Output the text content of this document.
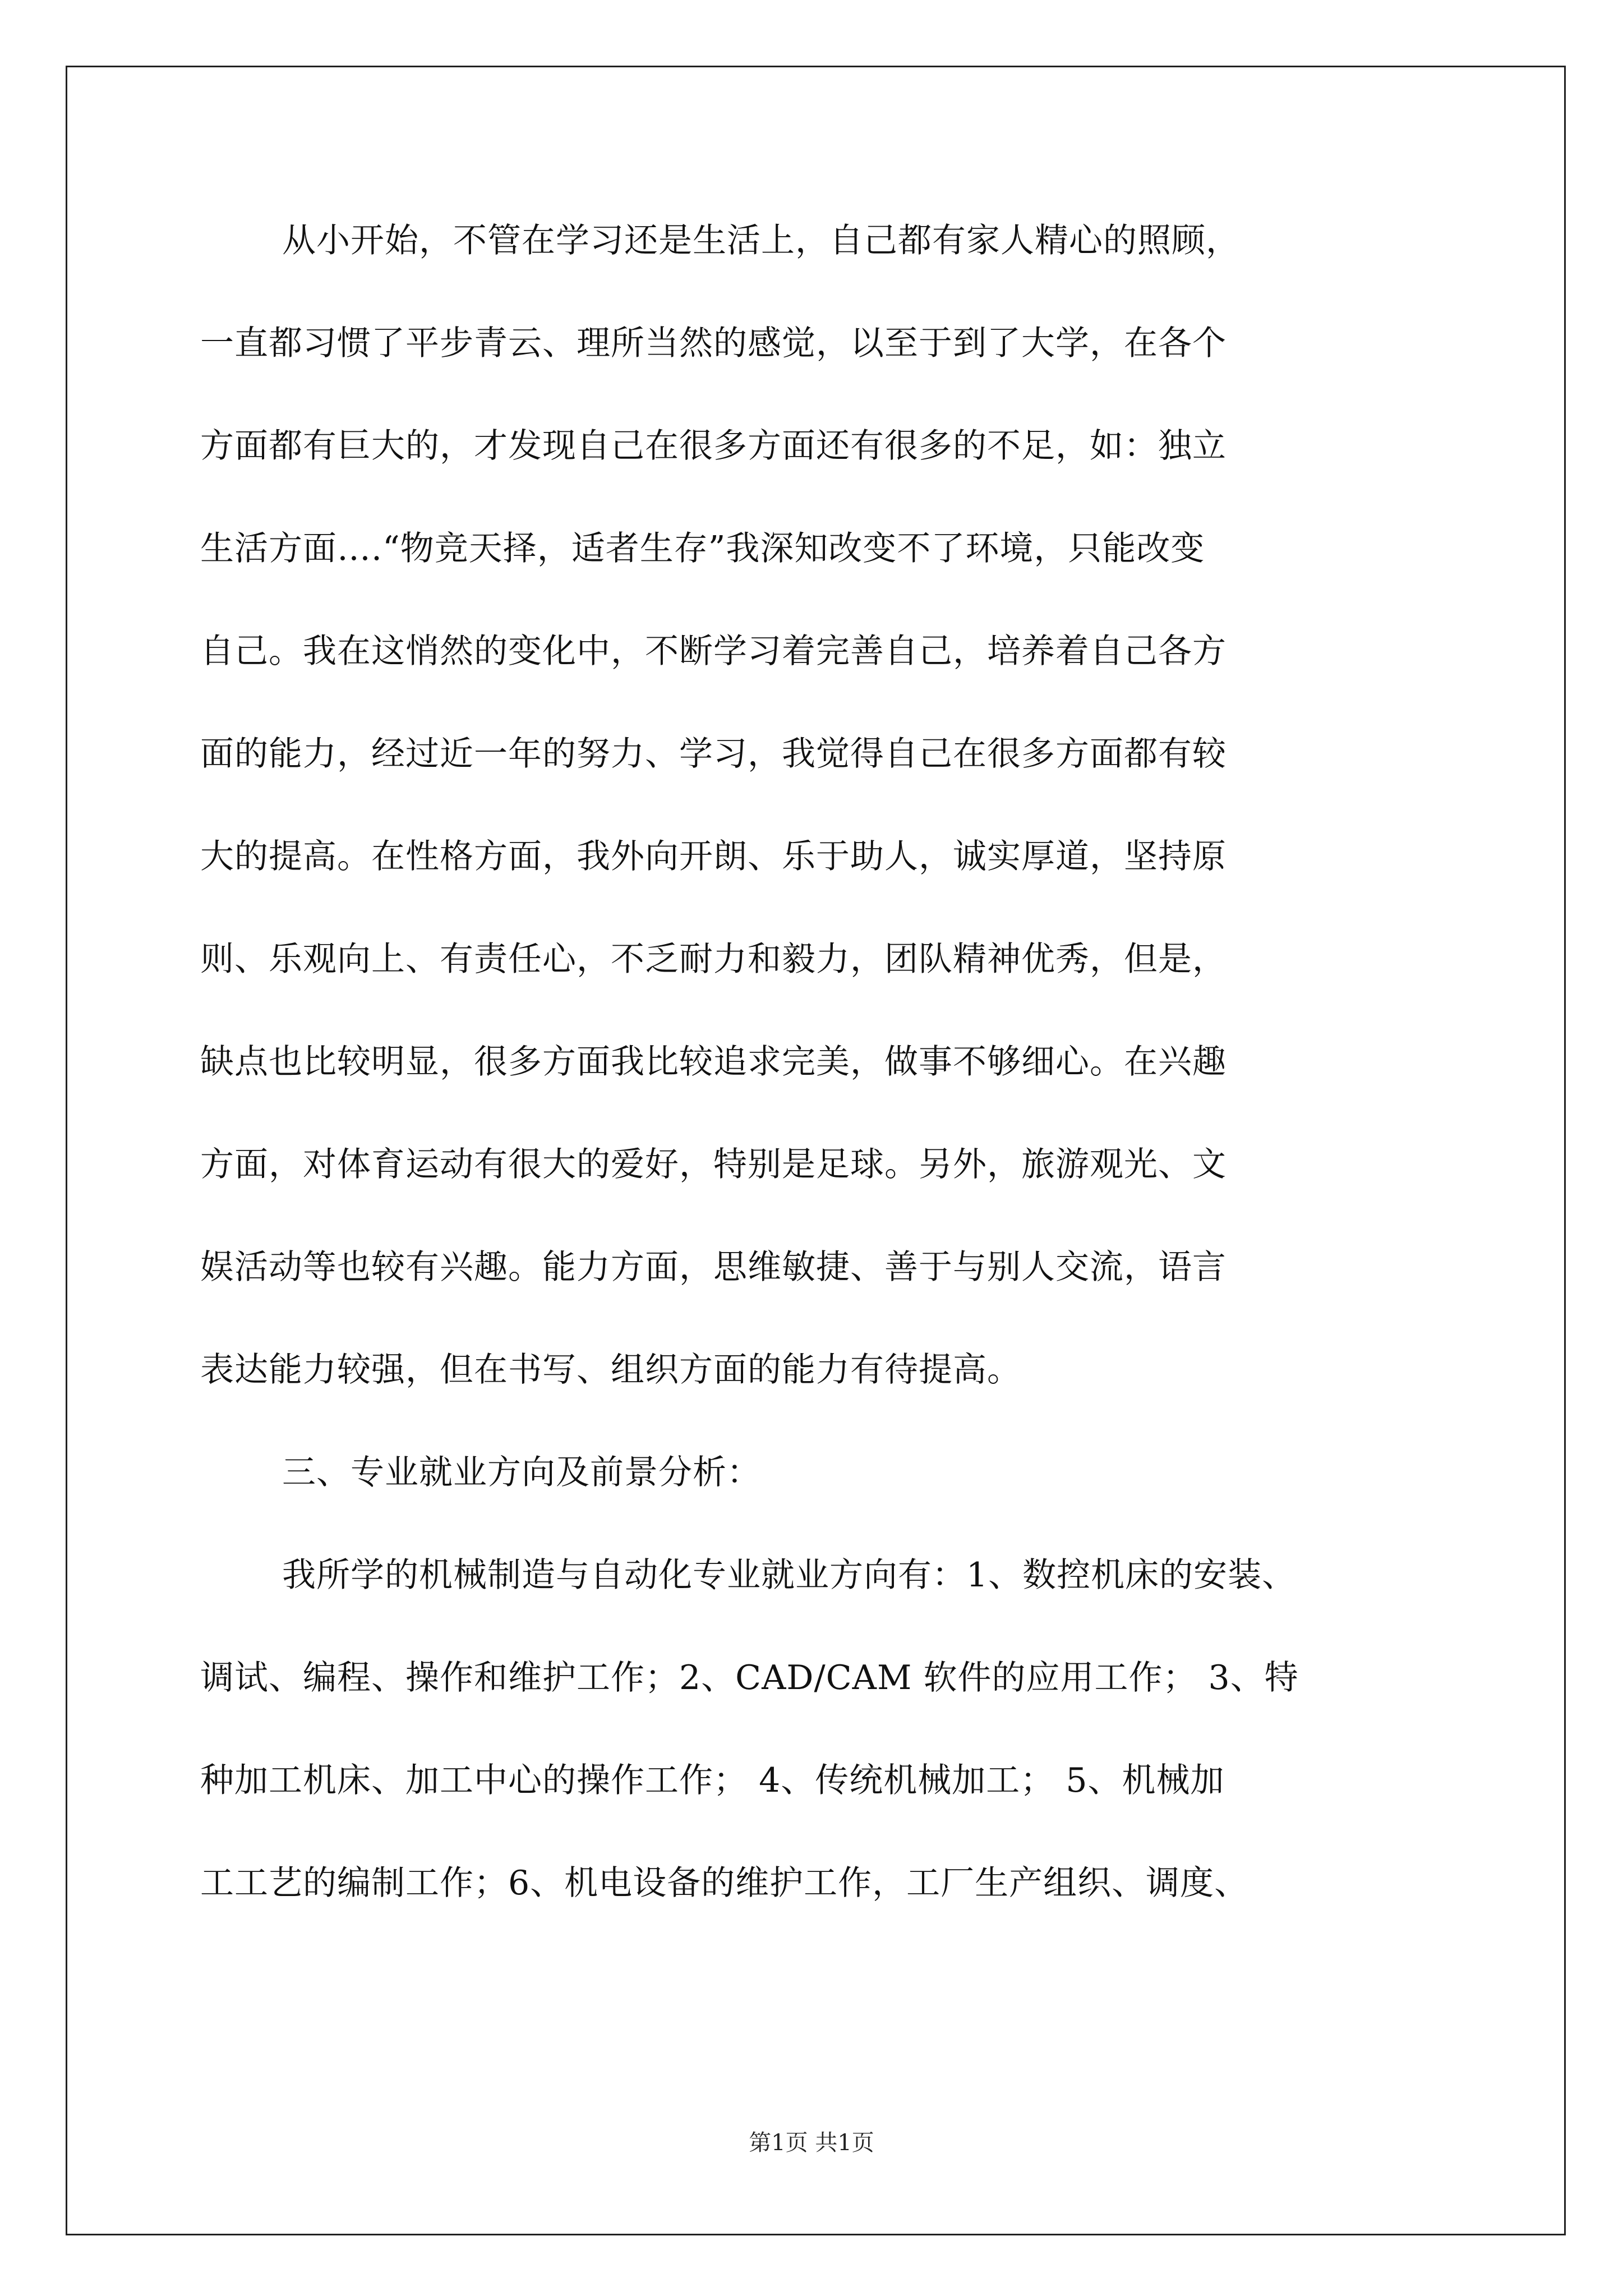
从小开始，不管在学习还是生活上，自己都有家人精心的照顾，
一直都习惯了平步青云、理所当然的感觉，以至于到了大学，在各个
方面都有巨大的，才发现自己在很多方面还有很多的不足，如：独立
生活方面….“物竞天择，适者生存”我深知改变不了环境，只能改变
自己。我在这悄然的变化中，不断学习着完善自己，培养着自己各方
面的能力，经过近一年的努力、学习，我觉得自己在很多方面都有较
大的提高。在性格方面，我外向开朗、乐于助人，诚实厚道，坚持原
则、乐观向上、有责任心，不乏耐力和毅力，团队精神优秀，但是，
缺点也比较明显，很多方面我比较追求完美，做事不够细心。在兴趣
方面，对体育运动有很大的爱好，特别是足球。另外，旅游观光、文
娱活动等也较有兴趣。能力方面，思维敏捷、善于与别人交流，语言
表达能力较强，但在书写、组织方面的能力有待提高。
三、专业就业方向及前景分析：
我所学的机械制造与自动化专业就业方向有：1、数控机床的安装、
调试、编程、操作和维护工作；2、CAD/CAM 软件的应用工作； 3、特
种加工机床、加工中心的操作工作； 4、传统机械加工； 5、机械加
工工艺的编制工作；6、机电设备的维护工作，工厂生产组织、调度、
第1页 共1页
